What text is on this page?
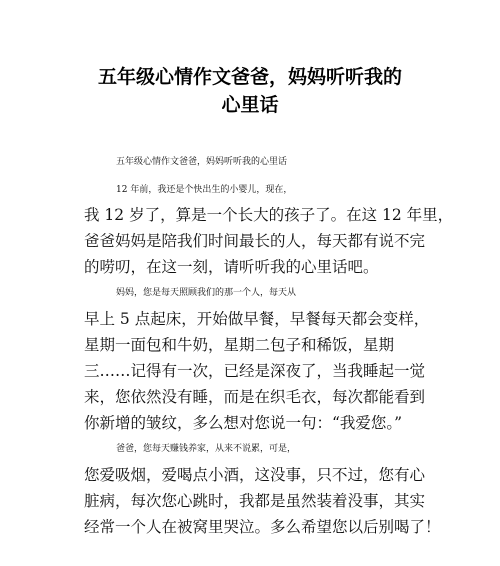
五年级心情作文爸爸，妈妈听听我的
心里话
五年级心情作文爸爸，妈妈听听我的心里话
12 年前，我还是个快出生的小婴儿，现在，
我 12 岁了，算是一个长大的孩子了。在这 12 年里，
爸爸妈妈是陪我们时间最长的人，每天都有说不完
的唠叨，在这一刻，请听听我的心里话吧。
妈妈，您是每天照顾我们的那一个人，每天从
早上 5 点起床，开始做早餐，早餐每天都会变样，
星期一面包和牛奶，星期二包子和稀饭，星期
三……记得有一次，已经是深夜了，当我睡起一觉
来，您依然没有睡，而是在织毛衣，每次都能看到
你新增的皱纹，多么想对您说一句：“我爱您。”
爸爸，您每天赚钱养家，从来不说累，可是，
您爱吸烟，爱喝点小酒，这没事，只不过，您有心
脏病，每次您心跳时，我都是虽然装着没事，其实
经常一个人在被窝里哭泣。多么希望您以后别喝了！
